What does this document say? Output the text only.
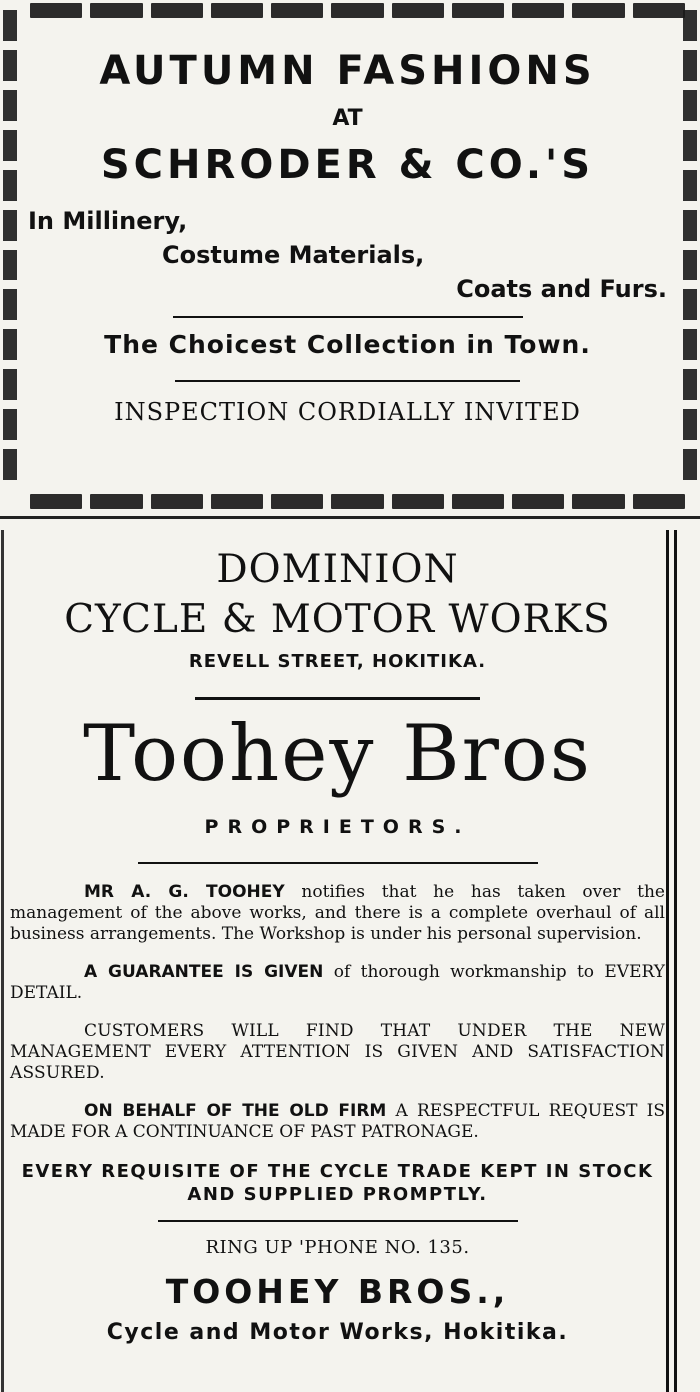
AUTUMN FASHIONS
AT
SCHRODER & CO.'S
In Millinery,
Costume Materials,
Coats and Furs.
The Choicest Collection in Town.
INSPECTION CORDIALLY INVITED
DOMINION
CYCLE & MOTOR WORKS
REVELL STREET, HOKITIKA.
Toohey Bros
PROPRIETORS.

MR A. G. TOOHEY notifies that he has taken over the management of the above works, and there is a complete overhaul of all business arrangements. The Workshop is under his personal supervision.

A GUARANTEE IS GIVEN of thorough workmanship to EVERY DETAIL.

CUSTOMERS WILL FIND THAT UNDER THE NEW MANAGEMENT EVERY ATTENTION IS GIVEN AND SATISFACTION ASSURED.

ON BEHALF OF THE OLD FIRM A RESPECTFUL REQUEST IS MADE FOR A CONTINUANCE OF PAST PATRONAGE.

EVERY REQUISITE OF THE CYCLE TRADE KEPT IN STOCK AND SUPPLIED PROMPTLY.
RING UP 'PHONE NO. 135.
TOOHEY BROS.,
Cycle and Motor Works, Hokitika.
